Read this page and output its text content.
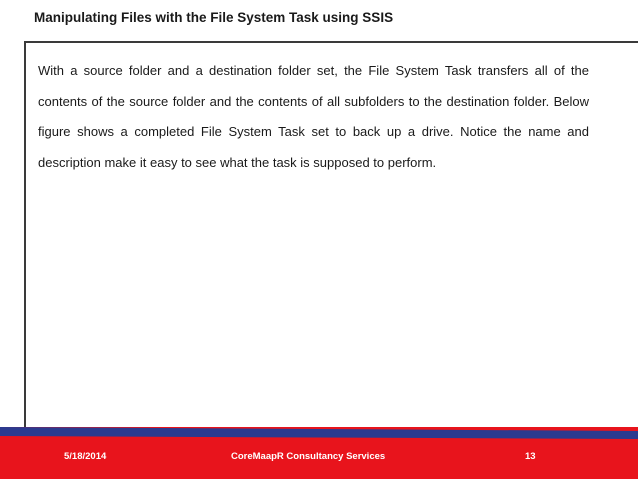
Manipulating Files with the File System Task using SSIS

With a source folder and a destination folder set, the File System Task transfers all of the contents of the source folder and the contents of all subfolders to the destination folder. Below figure shows a completed File System Task set to back up a drive. Notice the name and description make it easy to see what the task is supposed to perform.

5/18/2014	CoreMaapR Consultancy Services	13
